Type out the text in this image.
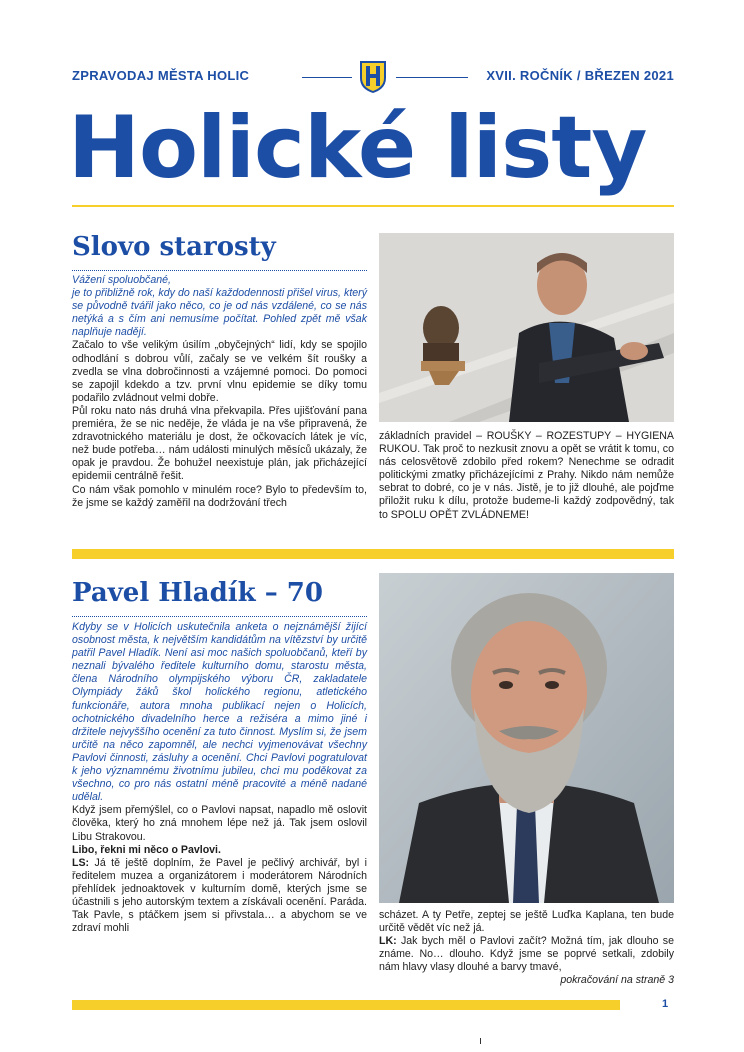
ZPRAVODAJ MĚSTA HOLIC	XVII. ROČNÍK / BŘEZEN 2021
Holické listy
Slovo starosty

Vážení spoluobčané,

je to přibližně rok, kdy do naší každodennosti přišel virus, který se původně tvářil jako něco, co je od nás vzdálené, co se nás netýká a s čím ani nemusíme počítat. Pohled zpět mě však naplňuje nadějí.

Začalo to vše velikým úsilím „obyčejných“ lidí, kdy se spojilo odhodlání s dobrou vůlí, začaly se ve velkém šít roušky a zvedla se vlna dobročinnosti a vzájemné pomoci. Do pomoci se zapojil kdekdo a tzv. první vlnu epidemie se díky tomu podařilo zvládnout velmi dobře.

Půl roku nato nás druhá vlna překvapila. Přes ujišťování pana premiéra, že se nic neděje, že vláda je na vše připravená, že zdravotnického materiálu je dost, že očkovacích látek je víc, než bude potřeba… nám události minulých měsíců ukázaly, že opak je pravdou. Že bohužel neexistuje plán, jak přicházející epidemii centrálně řešit.

Co nám však pomohlo v minulém roce? Bylo to především to, že jsme se každý zaměřil na dodržování třech

základních pravidel – ROUŠKY – ROZESTUPY – HYGIENA RUKOU. Tak proč to nezkusit znovu a opět se vrátit k tomu, co nás celosvětově zdobilo před rokem? Nenechme se odradit politickými zmatky přicházejícími z Prahy. Nikdo nám nemůže sebrat to dobré, co je v nás. Jistě, je to již dlouhé, ale pojďme přiložit ruku k dílu, protože budeme-li každý zodpovědný, tak to SPOLU OPĚT ZVLÁDNEME!

Pavel Hladík – 70

Kdyby se v Holicích uskutečnila anketa o nejznámější žijící osobnost města, k největším kandidátům na vítězství by určitě patřil Pavel Hladík. Není asi moc našich spoluobčanů, kteří by neznali bývalého ředitele kulturního domu, starostu města, člena Národního olympijského výboru ČR, zakladatele Olympiády žáků škol holického regionu, atletického funkcionáře, autora mnoha publikací nejen o Holicích, ochotnického divadelního herce a režiséra a mimo jiné i držitele nejvyššího ocenění za tuto činnost. Myslím si, že jsem určitě na něco zapomněl, ale nechci vyjmenovávat všechny Pavlovi činnosti, zásluhy a ocenění. Chci Pavlovi pogratulovat k jeho významnému životnímu jubileu, chci mu poděkovat za všechno, co pro nás ostatní méně pracovité a méně nadané udělal.

Když jsem přemýšlel, co o Pavlovi napsat, napadlo mě oslovit člověka, který ho zná mnohem lépe než já. Tak jsem oslovil Libu Strakovou.

Libo, řekni mi něco o Pavlovi.

LS: Já tě ještě doplním, že Pavel je pečlivý archivář, byl i ředitelem muzea a organizátorem i moderátorem Národních přehlídek jednoaktovek v kulturním domě, kterých jsme se účastnili s jeho autorským textem a získávali ocenění. Paráda. Tak Pavle, s ptáčkem jsem si přivstala… a abychom se ve zdraví mohli

scházet. A ty Petře, zeptej se ještě Luďka Kaplana, ten bude určitě vědět víc než já.

LK: Jak bych měl o Pavlovi začít? Možná tím, jak dlouho se známe. No… dlouho. Když jsme se poprvé setkali, zdobily nám hlavy vlasy dlouhé a barvy tmavé,

pokračování na straně 3

1
